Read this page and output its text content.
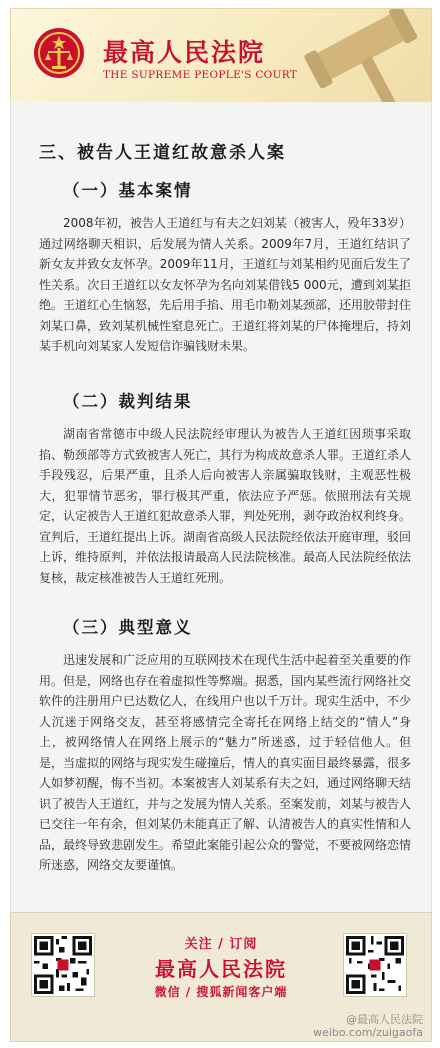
最高人民法院
THE SUPREME PEOPLE'S COURT
三、被告人王道红故意杀人案
（一）基本案情
2008年初，被告人王道红与有夫之妇刘某（被害人，殁年33岁）通过网络聊天相识，后发展为情人关系。2009年7月，王道红结识了新女友并致女友怀孕。2009年11月，王道红与刘某相约见面后发生了性关系。次日王道红以女友怀孕为名向刘某借钱5 000元，遭到刘某拒绝。王道红心生恼怒，先后用手掐、用毛巾勒刘某颈部，还用胶带封住刘某口鼻，致刘某机械性窒息死亡。王道红将刘某的尸体掩埋后，持刘某手机向刘某家人发短信诈骗钱财未果。
（二）裁判结果
湖南省常德市中级人民法院经审理认为被告人王道红因琐事采取掐、勒颈部等方式致被害人死亡，其行为构成故意杀人罪。王道红杀人手段残忍，后果严重，且杀人后向被害人亲属骗取钱财，主观恶性极大，犯罪情节恶劣，罪行极其严重，依法应予严惩。依照刑法有关规定，认定被告人王道红犯故意杀人罪，判处死刑，剥夺政治权利终身。宣判后，王道红提出上诉。湖南省高级人民法院经依法开庭审理，驳回上诉，维持原判，并依法报请最高人民法院核准。最高人民法院经依法复核，裁定核准被告人王道红死刑。
（三）典型意义
迅速发展和广泛应用的互联网技术在现代生活中起着至关重要的作用。但是，网络也存在着虚拟性等弊端。据悉，国内某些流行网络社交软件的注册用户已达数亿人，在线用户也以千万计。现实生活中，不少人沉迷于网络交友，甚至将感情完全寄托在网络上结交的“情人”身上，被网络情人在网络上展示的“魅力”所迷惑，过于轻信他人。但是，当虚拟的网络与现实发生碰撞后，情人的真实面目最终暴露，很多人如梦初醒，悔不当初。本案被害人刘某系有夫之妇，通过网络聊天结识了被告人王道红，并与之发展为情人关系。至案发前，刘某与被告人已交往一年有余，但刘某仍未能真正了解、认清被告人的真实性情和人品，最终导致悲剧发生。希望此案能引起公众的警觉，不要被网络恋情所迷惑，网络交友要谨慎。
关注 / 订阅
最高人民法院
微信 / 搜狐新闻客户端
@最高人民法院
weibo.com/zuigaofa
